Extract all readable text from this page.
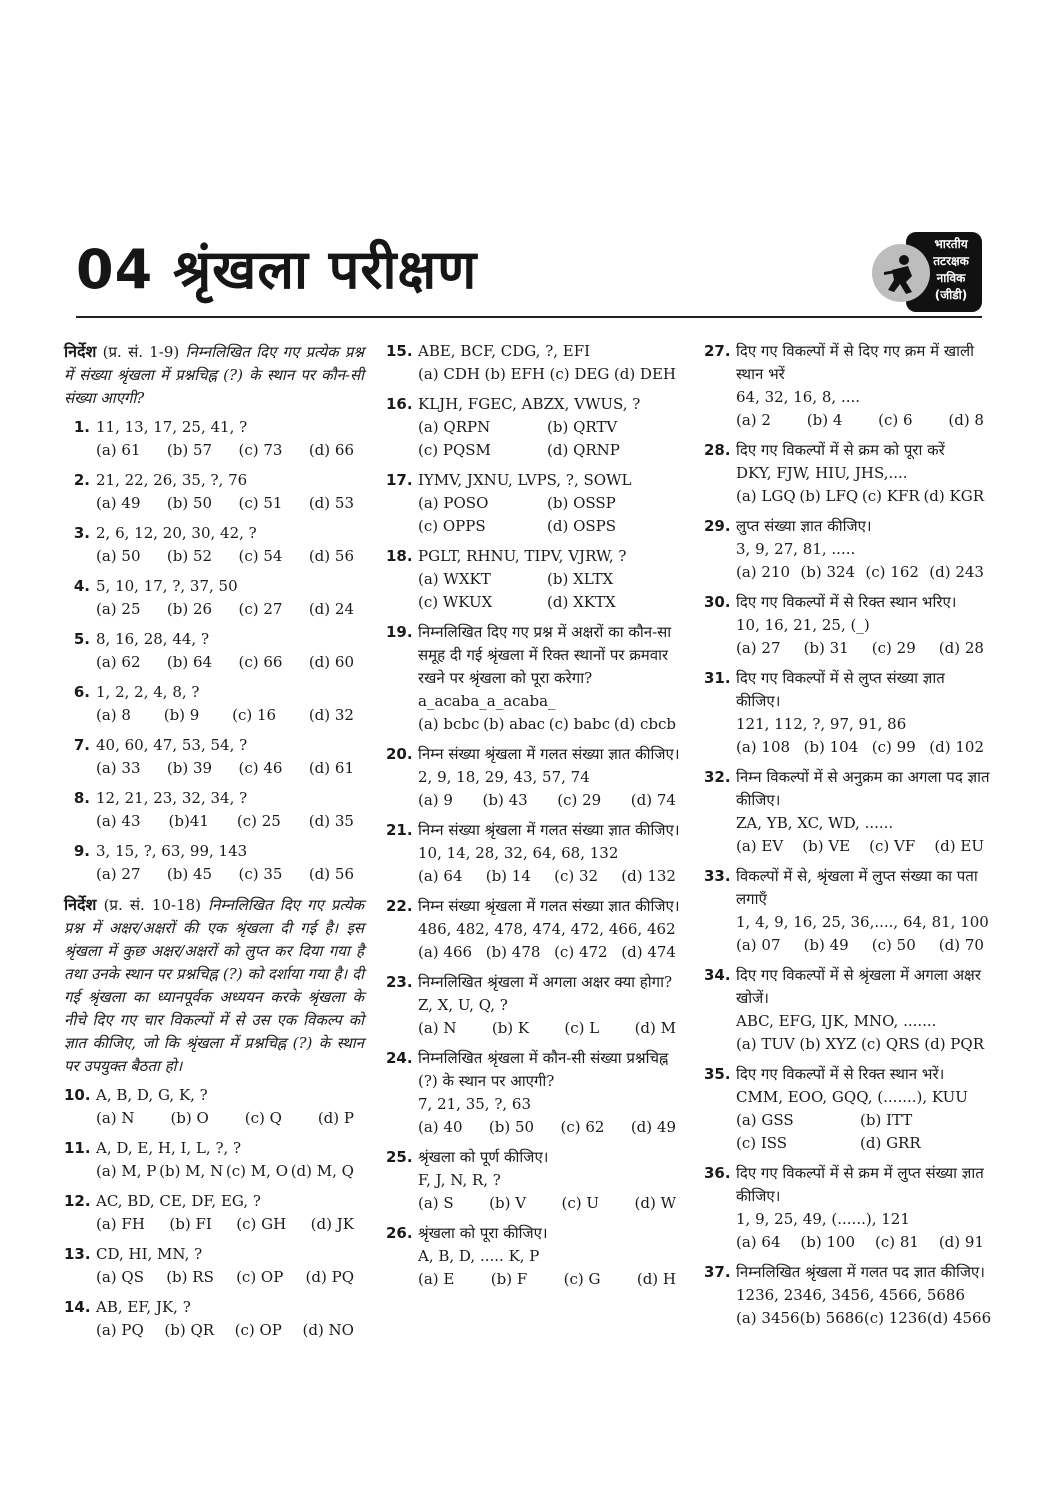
04 श्रृंखला परीक्षण	भारतीय
तटरक्षक
नाविक
(जीडी)
निर्देश (प्र. सं. 1-9) निम्नलिखित दिए गए प्रत्येक प्रश्न में संख्या श्रृंखला में प्रश्नचिह्न (?) के स्थान पर कौन-सी संख्या आएगी?
1. 11, 13, 17, 25, 41, ?
(a) 61 (b) 57 (c) 73 (d) 66
2. 21, 22, 26, 35, ?, 76
(a) 49 (b) 50 (c) 51 (d) 53
3. 2, 6, 12, 20, 30, 42, ?
(a) 50 (b) 52 (c) 54 (d) 56
4. 5, 10, 17, ?, 37, 50
(a) 25 (b) 26 (c) 27 (d) 24
5. 8, 16, 28, 44, ?
(a) 62 (b) 64 (c) 66 (d) 60
6. 1, 2, 2, 4, 8, ?
(a) 8 (b) 9 (c) 16 (d) 32
7. 40, 60, 47, 53, 54, ?
(a) 33 (b) 39 (c) 46 (d) 61
8. 12, 21, 23, 32, 34, ?
(a) 43 (b)41 (c) 25 (d) 35
9. 3, 15, ?, 63, 99, 143
(a) 27 (b) 45 (c) 35 (d) 56
निर्देश (प्र. सं. 10-18) निम्नलिखित दिए गए प्रत्येक प्रश्न में अक्षर/अक्षरों की एक श्रृंखला दी गई है। इस श्रृंखला में कुछ अक्षर/अक्षरों को लुप्त कर दिया गया है तथा उनके स्थान पर प्रश्नचिह्न (?) को दर्शाया गया है। दी गई श्रृंखला का ध्यानपूर्वक अध्ययन करके श्रृंखला के नीचे दिए गए चार विकल्पों में से उस एक विकल्प को ज्ञात कीजिए, जो कि श्रृंखला में प्रश्नचिह्न (?) के स्थान पर उपयुक्त बैठता हो।
10. A, B, D, G, K, ?
(a) N (b) O (c) Q (d) P
11. A, D, E, H, I, L, ?, ?
(a) M, P (b) M, N (c) M, O (d) M, Q
12. AC, BD, CE, DF, EG, ?
(a) FH (b) FI (c) GH (d) JK
13. CD, HI, MN, ?
(a) QS (b) RS (c) OP (d) PQ
14. AB, EF, JK, ?
(a) PQ (b) QR (c) OP (d) NO
15. ABE, BCF, CDG, ?, EFI
(a) CDH (b) EFH (c) DEG (d) DEH
16. KLJH, FGEC, ABZX, VWUS, ?
(a) QRPN	(b) QRTV
(c) PQSM	(d) QRNP
17. IYMV, JXNU, LVPS, ?, SOWL
(a) POSO	(b) OSSP
(c) OPPS	(d) OSPS
18. PGLT, RHNU, TIPV, VJRW, ?
(a) WXKT	(b) XLTX
(c) WKUX	(d) XKTX
19. निम्नलिखित दिए गए प्रश्न में अक्षरों का कौन-सा समूह दी गई श्रृंखला में रिक्त स्थानों पर क्रमवार रखने पर श्रृंखला को पूरा करेगा?
a_acaba_a_acaba_
(a) bcbc (b) abac (c) babc (d) cbcb
20. निम्न संख्या श्रृंखला में गलत संख्या ज्ञात कीजिए।
2, 9, 18, 29, 43, 57, 74
(a) 9 (b) 43 (c) 29 (d) 74
21. निम्न संख्या श्रृंखला में गलत संख्या ज्ञात कीजिए। 10, 14, 28, 32, 64, 68, 132
(a) 64 (b) 14 (c) 32 (d) 132
22. निम्न संख्या श्रृंखला में गलत संख्या ज्ञात कीजिए। 486, 482, 478, 474, 472, 466, 462
(a) 466 (b) 478 (c) 472 (d) 474
23. निम्नलिखित श्रृंखला में अगला अक्षर क्या होगा?
Z, X, U, Q, ?
(a) N (b) K (c) L (d) M
24. निम्नलिखित श्रृंखला में कौन-सी संख्या प्रश्नचिह्न (?) के स्थान पर आएगी?
7, 21, 35, ?, 63
(a) 40 (b) 50 (c) 62 (d) 49
25. श्रृंखला को पूर्ण कीजिए।
F, J, N, R, ?
(a) S (b) V (c) U (d) W
26. श्रृंखला को पूरा कीजिए।
A, B, D, ..... K, P
(a) E (b) F (c) G (d) H
27. दिए गए विकल्पों में से दिए गए क्रम में खाली स्थान भरें
64, 32, 16, 8, ....
(a) 2 (b) 4 (c) 6 (d) 8
28. दिए गए विकल्पों में से क्रम को पूरा करें
DKY, FJW, HIU, JHS,....
(a) LGQ (b) LFQ (c) KFR (d) KGR
29. लुप्त संख्या ज्ञात कीजिए।
3, 9, 27, 81, .....
(a) 210 (b) 324 (c) 162 (d) 243
30. दिए गए विकल्पों में से रिक्त स्थान भरिए।
10, 16, 21, 25, (_)
(a) 27 (b) 31 (c) 29 (d) 28
31. दिए गए विकल्पों में से लुप्त संख्या ज्ञात कीजिए।
121, 112, ?, 97, 91, 86
(a) 108 (b) 104 (c) 99 (d) 102
32. निम्न विकल्पों में से अनुक्रम का अगला पद ज्ञात कीजिए।
ZA, YB, XC, WD, ......
(a) EV (b) VE (c) VF (d) EU
33. विकल्पों में से, श्रृंखला में लुप्त संख्या का पता लगाएँ
1, 4, 9, 16, 25, 36,...., 64, 81, 100
(a) 07 (b) 49 (c) 50 (d) 70
34. दिए गए विकल्पों में से श्रृंखला में अगला अक्षर खोजें।
ABC, EFG, IJK, MNO, .......
(a) TUV (b) XYZ (c) QRS (d) PQR
35. दिए गए विकल्पों में से रिक्त स्थान भरें।
CMM, EOO, GQQ, (.......), KUU
(a) GSS	(b) ITT
(c) ISS	(d) GRR
36. दिए गए विकल्पों में से क्रम में लुप्त संख्या ज्ञात कीजिए।
1, 9, 25, 49, (......), 121
(a) 64 (b) 100 (c) 81 (d) 91
37. निम्नलिखित श्रृंखला में गलत पद ज्ञात कीजिए।
1236, 2346, 3456, 4566, 5686
(a) 3456 (b) 5686 (c) 1236 (d) 4566
